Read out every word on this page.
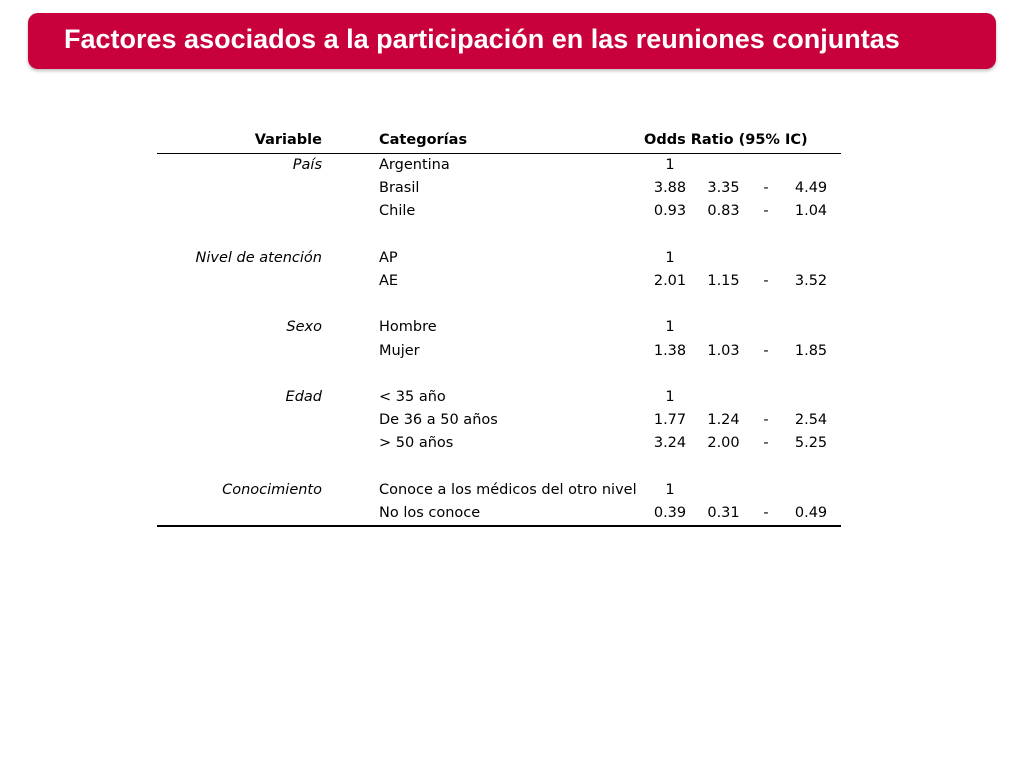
Factores asociados a la participación en las reuniones conjuntas
Variable	Categorías	Odds Ratio (95% IC)			
País	Argentina	1			
	Brasil	3.88	3.35	-	4.49
	Chile	0.93	0.83	-	1.04

Nivel de atención	AP	1			
	AE	2.01	1.15	-	3.52

Sexo	Hombre	1			
	Mujer	1.38	1.03	-	1.85

Edad	< 35 año	1			
	De 36 a 50 años	1.77	1.24	-	2.54
	> 50 años	3.24	2.00	-	5.25

Conocimiento	Conoce a los médicos del otro nivel	1			
	No los conoce	0.39	0.31	-	0.49
